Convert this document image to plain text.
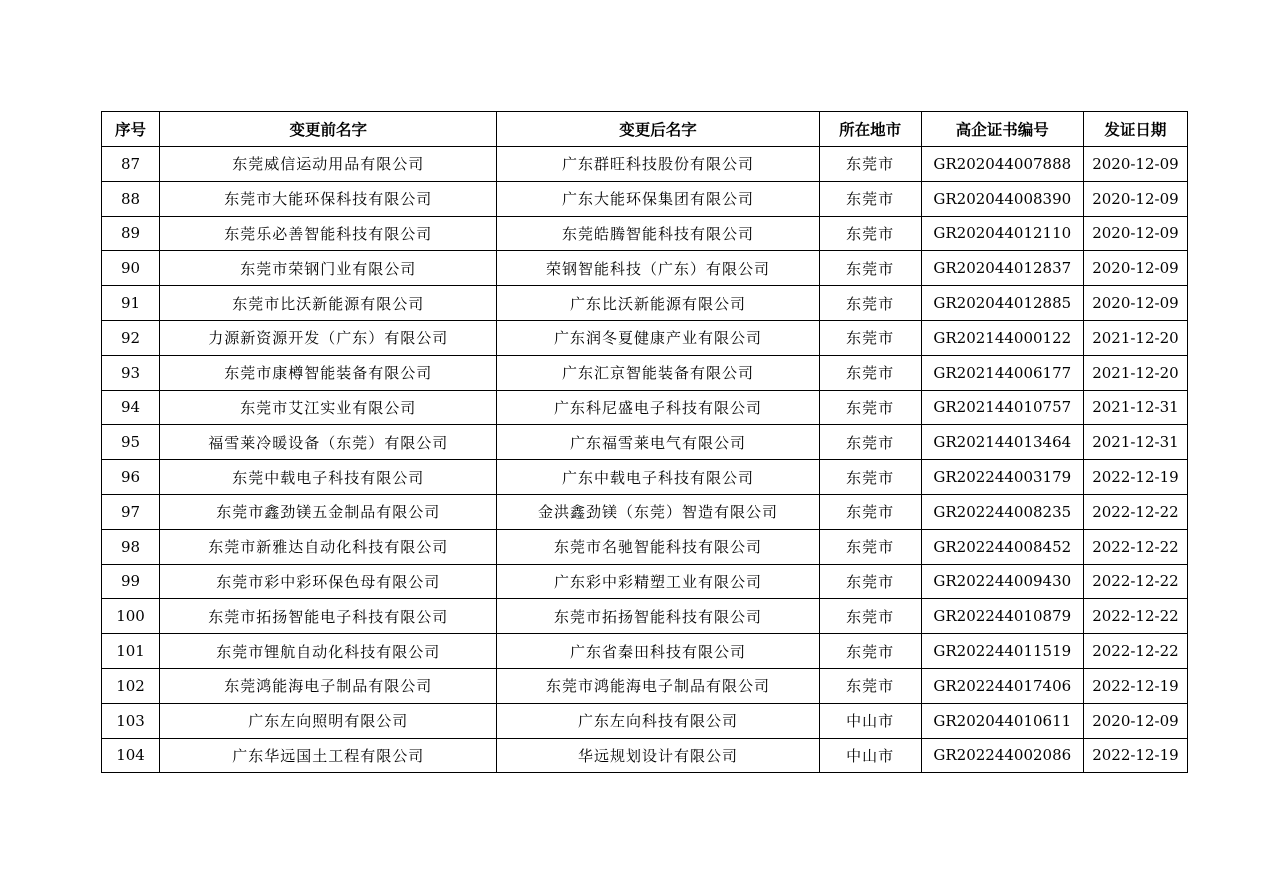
序号	变更前名字	变更后名字	所在地市	高企证书编号	发证日期
87	东莞威信运动用品有限公司	广东群旺科技股份有限公司	东莞市	GR202044007888	2020-12-09
88	东莞市大能环保科技有限公司	广东大能环保集团有限公司	东莞市	GR202044008390	2020-12-09
89	东莞乐必善智能科技有限公司	东莞皓腾智能科技有限公司	东莞市	GR202044012110	2020-12-09
90	东莞市荣钢门业有限公司	荣钢智能科技（广东）有限公司	东莞市	GR202044012837	2020-12-09
91	东莞市比沃新能源有限公司	广东比沃新能源有限公司	东莞市	GR202044012885	2020-12-09
92	力源新资源开发（广东）有限公司	广东润冬夏健康产业有限公司	东莞市	GR202144000122	2021-12-20
93	东莞市康樽智能装备有限公司	广东汇京智能装备有限公司	东莞市	GR202144006177	2021-12-20
94	东莞市艾江实业有限公司	广东科尼盛电子科技有限公司	东莞市	GR202144010757	2021-12-31
95	福雪莱冷暖设备（东莞）有限公司	广东福雪莱电气有限公司	东莞市	GR202144013464	2021-12-31
96	东莞中载电子科技有限公司	广东中载电子科技有限公司	东莞市	GR202244003179	2022-12-19
97	东莞市鑫劲镁五金制品有限公司	金洪鑫劲镁（东莞）智造有限公司	东莞市	GR202244008235	2022-12-22
98	东莞市新雅达自动化科技有限公司	东莞市名驰智能科技有限公司	东莞市	GR202244008452	2022-12-22
99	东莞市彩中彩环保色母有限公司	广东彩中彩精塑工业有限公司	东莞市	GR202244009430	2022-12-22
100	东莞市拓扬智能电子科技有限公司	东莞市拓扬智能科技有限公司	东莞市	GR202244010879	2022-12-22
101	东莞市锂航自动化科技有限公司	广东省秦田科技有限公司	东莞市	GR202244011519	2022-12-22
102	东莞鸿能海电子制品有限公司	东莞市鸿能海电子制品有限公司	东莞市	GR202244017406	2022-12-19
103	广东左向照明有限公司	广东左向科技有限公司	中山市	GR202044010611	2020-12-09
104	广东华远国土工程有限公司	华远规划设计有限公司	中山市	GR202244002086	2022-12-19
